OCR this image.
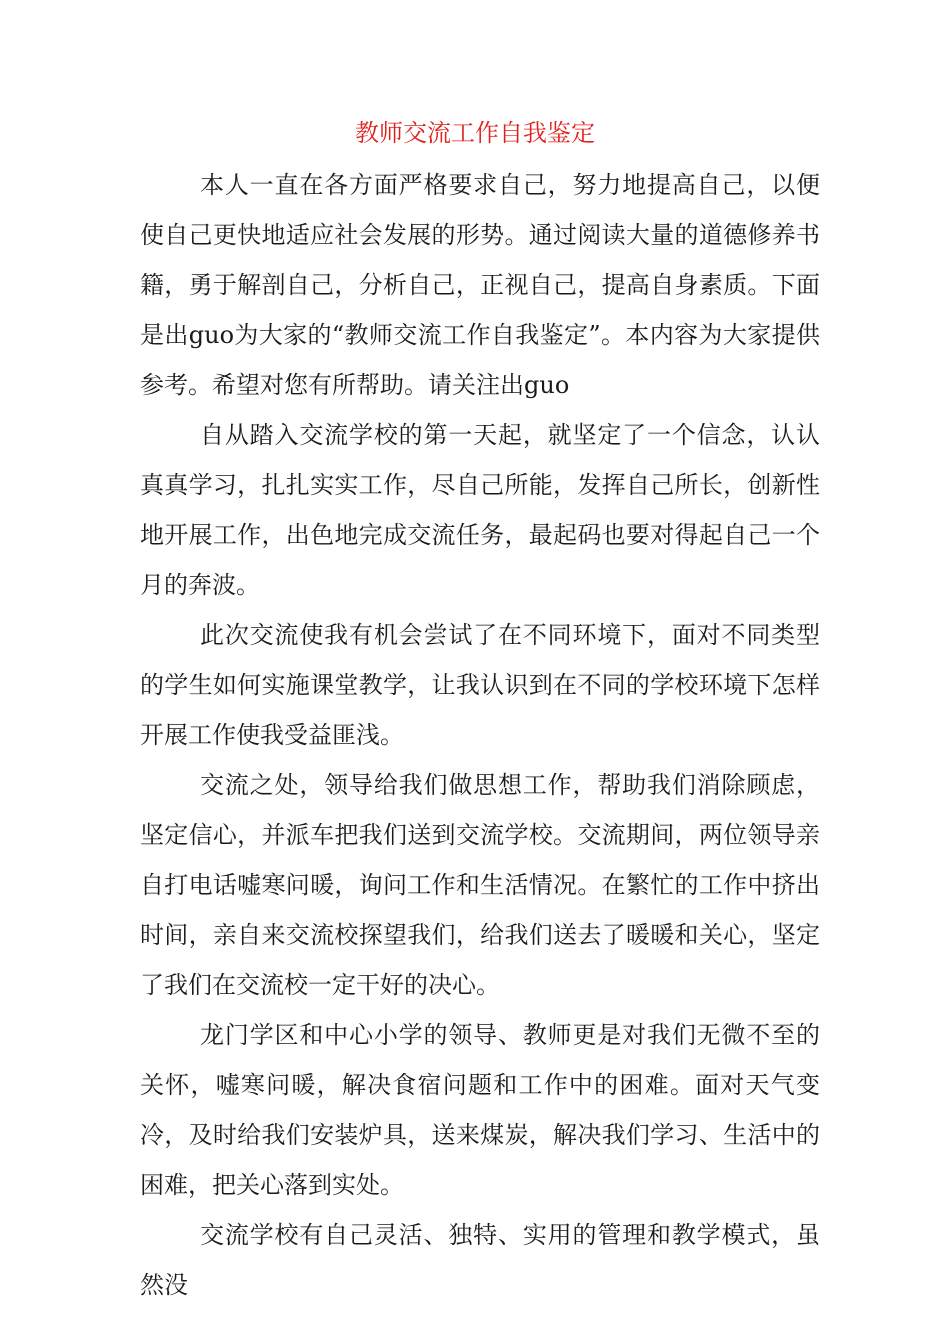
教师交流工作自我鉴定

本人一直在各方面严格要求自己，努力地提高自己，以便使自己更快地适应社会发展的形势。通过阅读大量的道德修养书籍，勇于解剖自己，分析自己，正视自己，提高自身素质。下面是出guo为大家的“教师交流工作自我鉴定”。本内容为大家提供参考。希望对您有所帮助。请关注出guo

自从踏入交流学校的第一天起，就坚定了一个信念，认认真真学习，扎扎实实工作，尽自己所能，发挥自己所长，创新性地开展工作，出色地完成交流任务，最起码也要对得起自己一个月的奔波。

此次交流使我有机会尝试了在不同环境下，面对不同类型的学生如何实施课堂教学，让我认识到在不同的学校环境下怎样开展工作使我受益匪浅。

交流之处，领导给我们做思想工作，帮助我们消除顾虑，坚定信心，并派车把我们送到交流学校。交流期间，两位领导亲自打电话嘘寒问暖，询问工作和生活情况。在繁忙的工作中挤出时间，亲自来交流校探望我们，给我们送去了暖暖和关心，坚定了我们在交流校一定干好的决心。

龙门学区和中心小学的领导、教师更是对我们无微不至的关怀，嘘寒问暖，解决食宿问题和工作中的困难。面对天气变冷，及时给我们安装炉具，送来煤炭，解决我们学习、生活中的困难，把关心落到实处。

交流学校有自己灵活、独特、实用的管理和教学模式，虽然没
